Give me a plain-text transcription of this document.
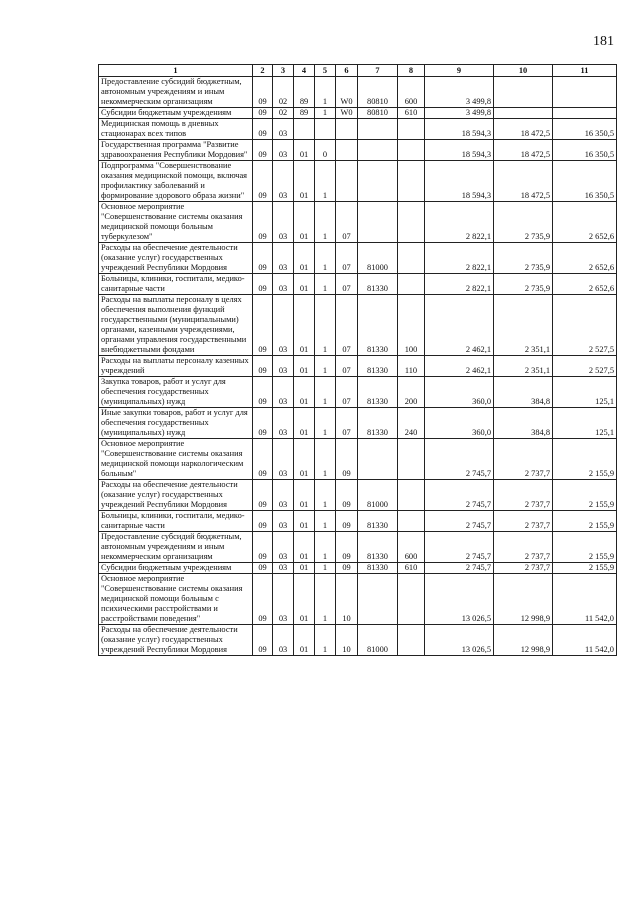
181
1	2	3	4	5	6	7	8	9	10	11
Предоставление субсидий бюджетным, автономным учреждениям и иным некоммерческим организациям	09	02	89	1	W0	80810	600	3 499,8		
Субсидии бюджетным учреждениям	09	02	89	1	W0	80810	610	3 499,8		
Медицинская помощь в дневных стационарах всех типов	09	03						18 594,3	18 472,5	16 350,5
Государственная программа "Развитие здравоохранения Республики Мордовия"	09	03	01	0				18 594,3	18 472,5	16 350,5
Подпрограмма "Совершенствование оказания медицинской помощи, включая профилактику заболеваний и формирование здорового образа жизни"	09	03	01	1				18 594,3	18 472,5	16 350,5
Основное мероприятие "Совершенствование системы оказания медицинской помощи больным туберкулезом"	09	03	01	1	07			2 822,1	2 735,9	2 652,6
Расходы на обеспечение деятельности (оказание услуг) государственных учреждений Республики Мордовия	09	03	01	1	07	81000		2 822,1	2 735,9	2 652,6
Больницы, клиники, госпитали, медико-санитарные части	09	03	01	1	07	81330		2 822,1	2 735,9	2 652,6
Расходы на выплаты персоналу в целях обеспечения выполнения функций государственными (муниципальными) органами, казенными учреждениями, органами управления государственными внебюджетными фондами	09	03	01	1	07	81330	100	2 462,1	2 351,1	2 527,5
Расходы на выплаты персоналу казенных учреждений	09	03	01	1	07	81330	110	2 462,1	2 351,1	2 527,5
Закупка товаров, работ и услуг для обеспечения государственных (муниципальных) нужд	09	03	01	1	07	81330	200	360,0	384,8	125,1
Иные закупки товаров, работ и услуг для обеспечения государственных (муниципальных) нужд	09	03	01	1	07	81330	240	360,0	384,8	125,1
Основное мероприятие "Совершенствование системы оказания медицинской помощи наркологическим больным"	09	03	01	1	09			2 745,7	2 737,7	2 155,9
Расходы на обеспечение деятельности (оказание услуг) государственных учреждений Республики Мордовия	09	03	01	1	09	81000		2 745,7	2 737,7	2 155,9
Больницы, клиники, госпитали, медико-санитарные части	09	03	01	1	09	81330		2 745,7	2 737,7	2 155,9
Предоставление субсидий бюджетным, автономным учреждениям и иным некоммерческим организациям	09	03	01	1	09	81330	600	2 745,7	2 737,7	2 155,9
Субсидии бюджетным учреждениям	09	03	01	1	09	81330	610	2 745,7	2 737,7	2 155,9
Основное мероприятие "Совершенствование системы оказания медицинской помощи больным с психическими расстройствами и расстройствами поведения"	09	03	01	1	10			13 026,5	12 998,9	11 542,0
Расходы на обеспечение деятельности (оказание услуг) государственных учреждений Республики Мордовия	09	03	01	1	10	81000		13 026,5	12 998,9	11 542,0
